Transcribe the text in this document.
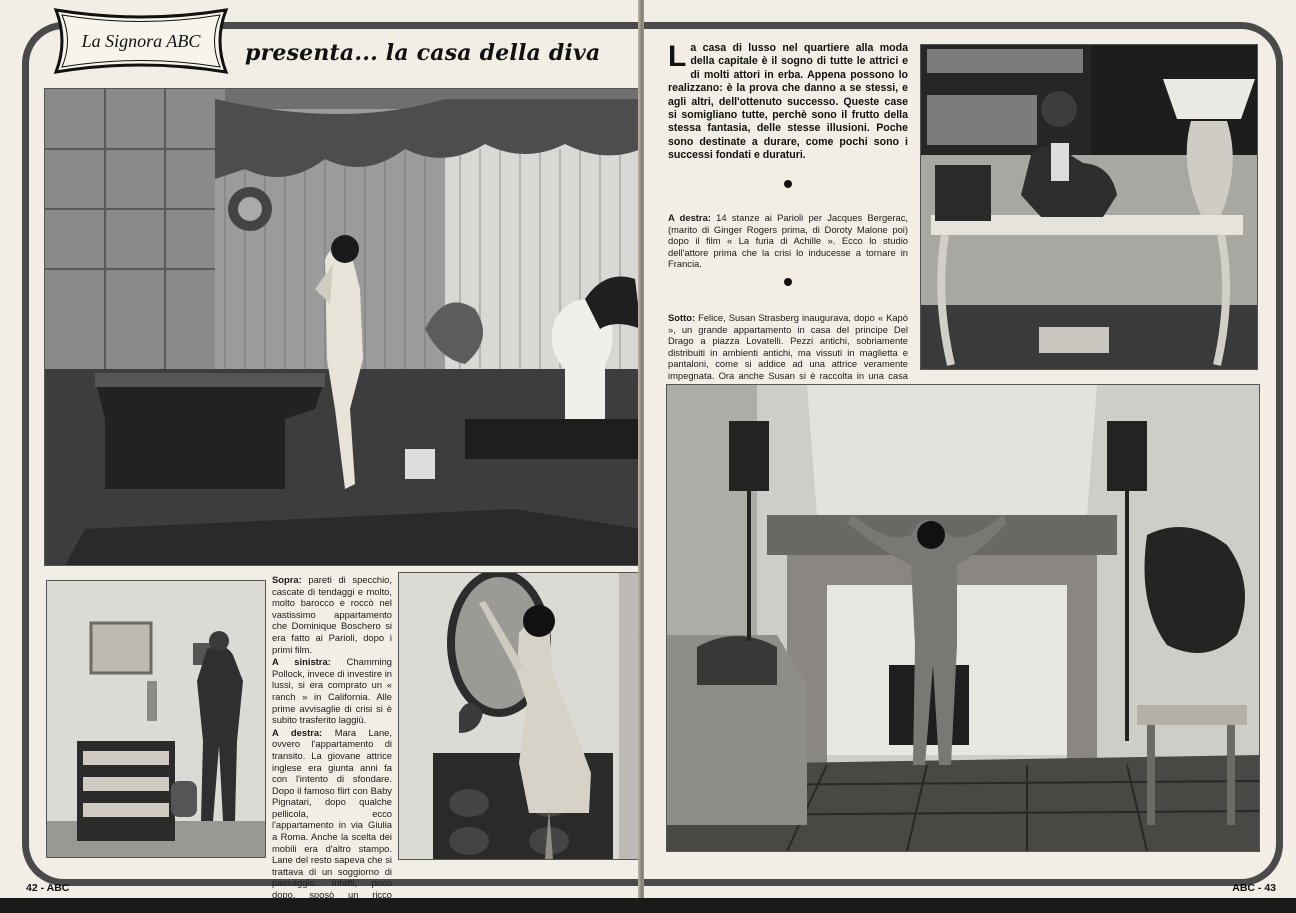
La Signora ABC	presenta... la casa della diva

Sopra: pareti di specchio, cascate di tendaggi e molto, molto barocco e roccò nel vastissimo appartamento che Dominique Boschero si era fatto ai Parioli, dopo i primi film.

A sinistra: Chamming Pollock, invece di investire in lussi, si era comprato un « ranch » in California. Alle prime avvisaglie di crisi si è subito trasferito laggiù.

A destra: Mara Lane, ovvero l'appartamento di transito. La giovane attrice inglese era giunta anni fa con l'intento di sfondare. Dopo il famoso flirt con Baby Pignatari, dopo qualche pellicola, ecco l'appartamento in via Giulia a Roma. Anche la scelta dei mobili era d'altro stampo. Lane del resto sapeva che si trattava di un soggiorno di passaggio. Infatti, poco dopo, sposò un ricco petroliere americano.

42 - ABC
La casa di lusso nel quartiere alla moda della capitale è il sogno di tutte le attrici e di molti attori in erba. Appena possono lo realizzano: è la prova che danno a se stessi, e agli altri, dell'ottenuto successo. Queste case si somigliano tutte, perchè sono il frutto della stessa fantasia, delle stesse illusioni. Poche sono destinate a durare, come pochi sono i successi fondati e duraturi.
A destra: 14 stanze ai Parioli per Jacques Bergerac, (marito di Ginger Rogers prima, di Doroty Malone poi) dopo il film « La furia di Achille ». Ecco lo studio dell'attore prima che la crisi lo inducesse a tornare in Francia.
Sotto: Felice, Susan Strasberg inaugurava, dopo « Kapò », un grande appartamento in casa del principe Del Drago a piazza Lovatelli. Pezzi antichi, sobriamente distribuiti in ambienti antichi, ma vissuti in maglietta e pantaloni, come si addice ad una attrice veramente impegnata. Ora anche Susan si è raccolta in una casa
ABC - 43
